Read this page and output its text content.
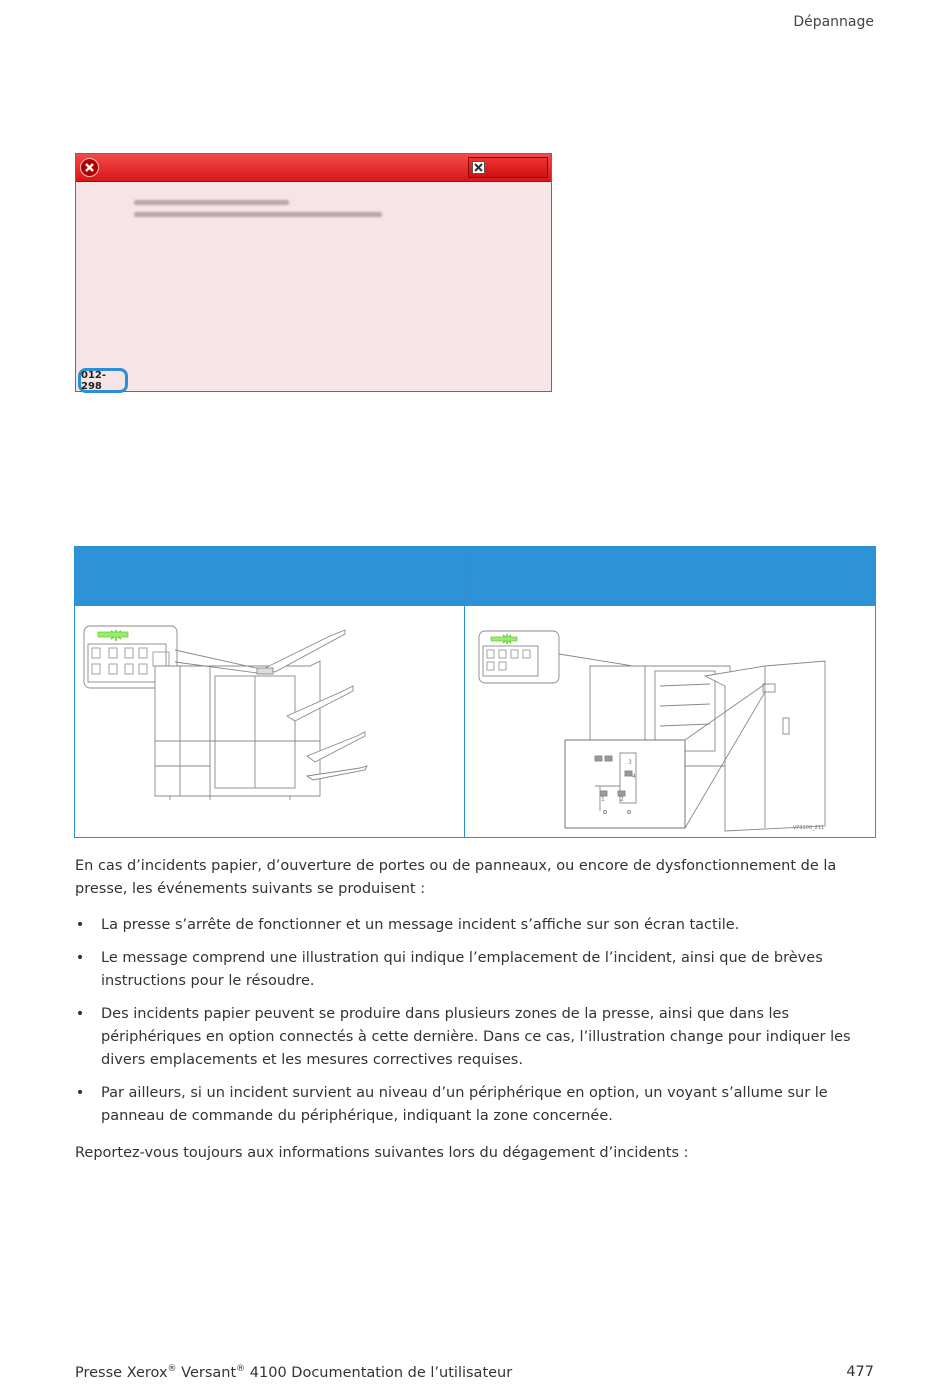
Dépannage
012-298
1	2
3
4
VP3100_211
En cas d’incidents papier, d’ouverture de portes ou de panneaux, ou encore de dysfonctionnement de la presse, les événements suivants se produisent :
• La presse s’arrête de fonctionner et un message incident s’affiche sur son écran tactile.
• Le message comprend une illustration qui indique l’emplacement de l’incident, ainsi que de brèves instructions pour le résoudre.
• Des incidents papier peuvent se produire dans plusieurs zones de la presse, ainsi que dans les périphériques en option connectés à cette dernière. Dans ce cas, l’illustration change pour indiquer les divers emplacements et les mesures correctives requises.
• Par ailleurs, si un incident survient au niveau d’un périphérique en option, un voyant s’allume sur le panneau de commande du périphérique, indiquant la zone concernée.
Reportez-vous toujours aux informations suivantes lors du dégagement d’incidents :
Presse Xerox® Versant® 4100 Documentation de l’utilisateur	477
